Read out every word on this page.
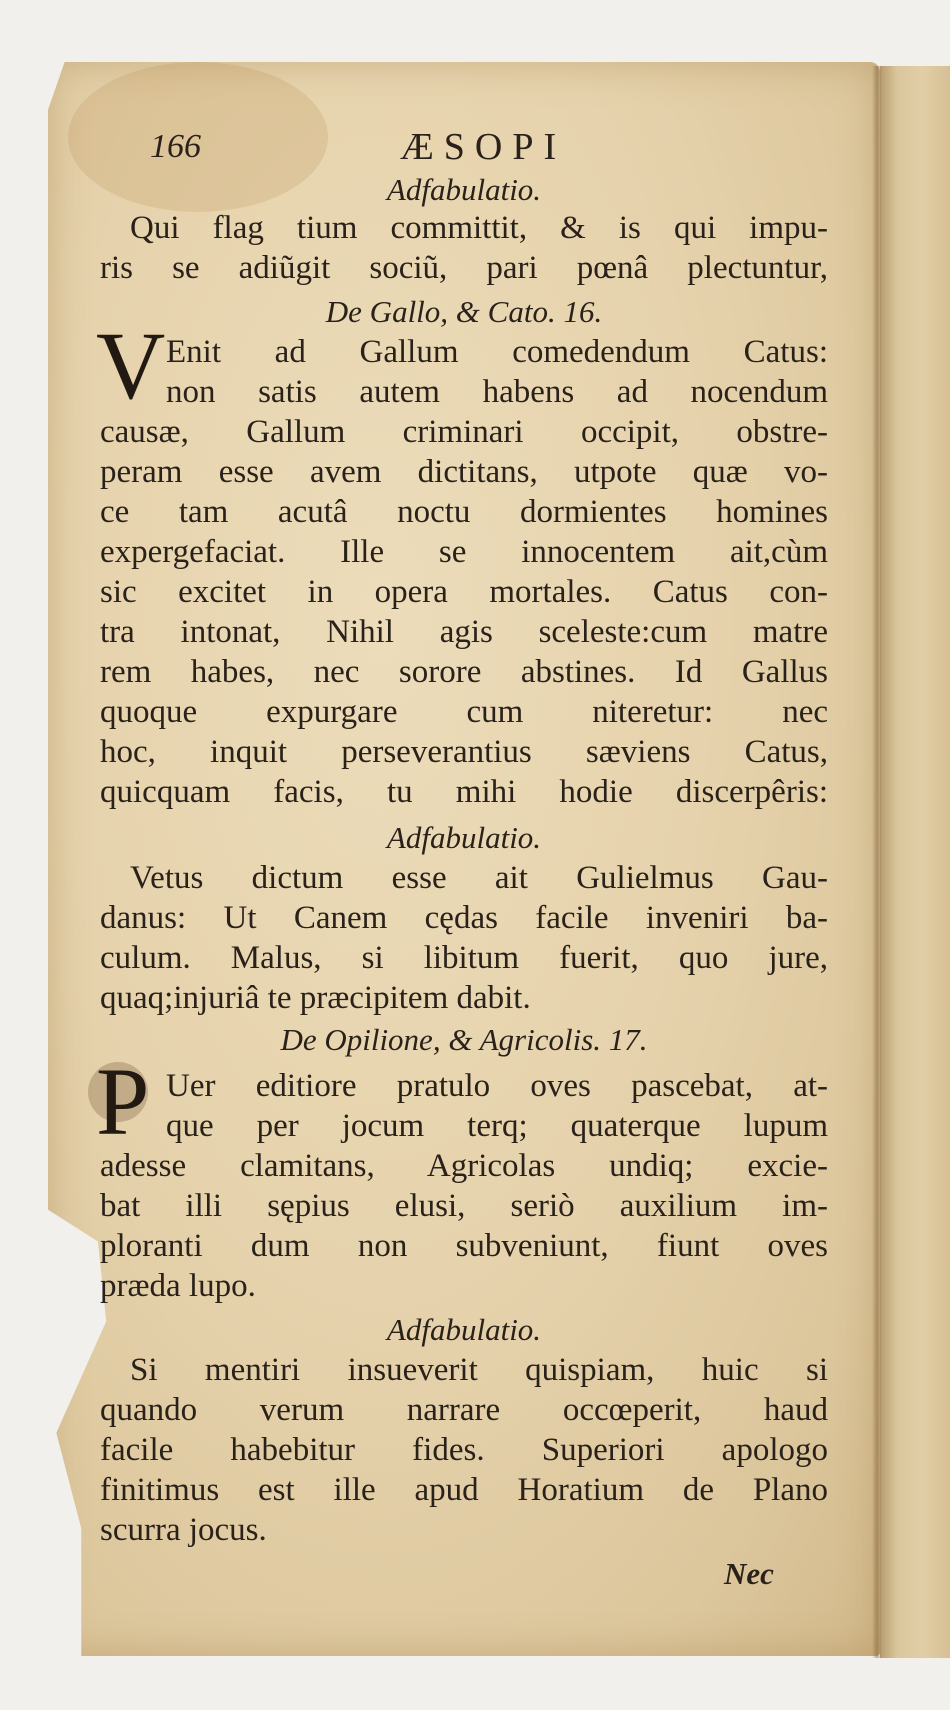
166	ÆSOPI
Adfabulatio.
Qui flag tium committit, & is qui impu-
ris se adiũgit sociũ, pari pœnâ plectuntur,
De Gallo, & Cato. 16.
V Enit ad Gallum comedendum Catus:
non satis autem habens ad nocendum
causæ, Gallum criminari occipit, obstre-
peram esse avem dictitans, utpote quæ vo-
ce tam acutâ noctu dormientes homines
expergefaciat. Ille se innocentem ait,cùm
sic excitet in opera mortales. Catus con-
tra intonat, Nihil agis sceleste:cum matre
rem habes, nec sorore abstines. Id Gallus
quoque expurgare cum niteretur: nec
hoc, inquit perseverantius sæviens Catus,
quicquam facis, tu mihi hodie discerpêris:
Adfabulatio.
Vetus dictum esse ait Gulielmus Gau-
danus: Ut Canem cędas facile inveniri ba-
culum. Malus, si libitum fuerit, quo jure,
quaq;injuriâ te præcipitem dabit.
De Opilione, & Agricolis. 17.
P Uer editiore pratulo oves pascebat, at-
que per jocum terq; quaterque lupum
adesse clamitans, Agricolas undiq; excie-
bat illi sępius elusi, seriò auxilium im-
ploranti dum non subveniunt, fiunt oves
præda lupo.
Adfabulatio.
Si mentiri insueverit quispiam, huic si
quando verum narrare occœperit, haud
facile habebitur fides. Superiori apologo
finitimus est ille apud Horatium de Plano
scurra jocus.
Nec
